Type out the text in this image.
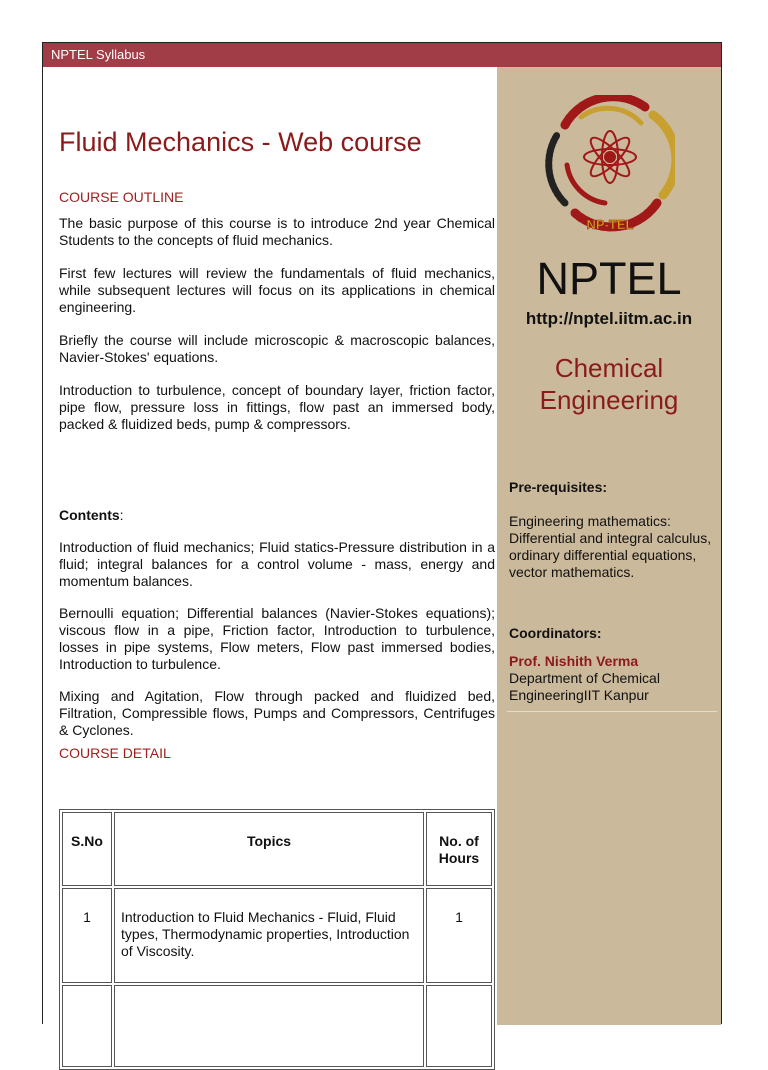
NPTEL Syllabus
Fluid Mechanics - Web course
COURSE OUTLINE

The basic purpose of this course is to introduce 2nd year Chemical Students to the concepts of fluid mechanics.

First few lectures will review the fundamentals of fluid mechanics, while subsequent lectures will focus on its applications in chemical engineering.

Briefly the course will include microscopic & macroscopic balances, Navier-Stokes' equations.

Introduction to turbulence, concept of boundary layer, friction factor, pipe flow, pressure loss in fittings, flow past an immersed body, packed & fluidized beds, pump & compressors.

Contents:

Introduction of fluid mechanics; Fluid statics-Pressure distribution in a fluid; integral balances for a control volume - mass, energy and momentum balances.

Bernoulli equation; Differential balances (Navier-Stokes equations); viscous flow in a pipe, Friction factor, Introduction to turbulence, losses in pipe systems, Flow meters, Flow past immersed bodies, Introduction to turbulence.

Mixing and Agitation, Flow through packed and fluidized bed, Filtration, Compressible flows, Pumps and Compressors, Centrifuges & Cyclones.

COURSE DETAIL
S.No	Topics	No. of Hours
1	Introduction to Fluid Mechanics - Fluid, Fluid types, Thermodynamic properties, Introduction of Viscosity.	1

NP-TEL
NPTEL
http://nptel.iitm.ac.in
Chemical
Engineering
Pre-requisites:
Engineering mathematics: Differential and integral calculus, ordinary differential equations, vector mathematics.
Coordinators:
Prof. Nishith Verma
Department of Chemical EngineeringIIT Kanpur
